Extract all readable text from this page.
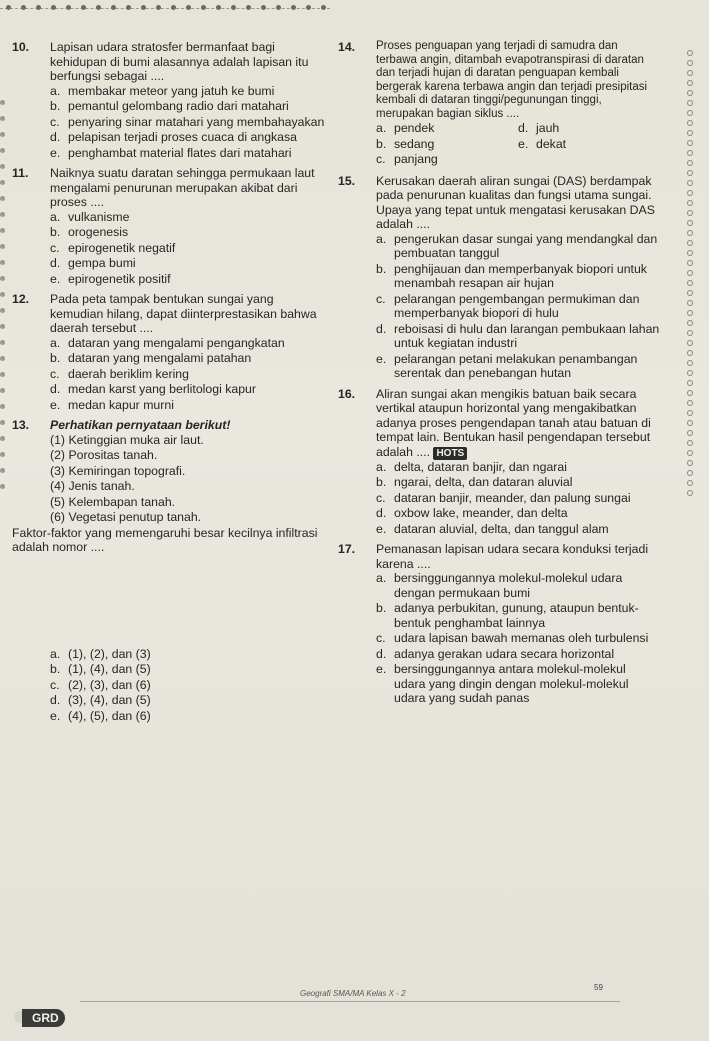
10.	Lapisan udara stratosfer bermanfaat bagi kehidupan di bumi alasannya adalah lapisan itu berfungsi sebagai ....
a. membakar meteor yang jatuh ke bumi
b. pemantul gelombang radio dari matahari
c. penyaring sinar matahari yang membahayakan
d. pelapisan terjadi proses cuaca di angkasa
e. penghambat material flates dari matahari
11.	Naiknya suatu daratan sehingga permukaan laut mengalami penurunan merupakan akibat dari proses ....
a. vulkanisme
b. orogenesis
c. epirogenetik negatif
d. gempa bumi
e. epirogenetik positif
12.	Pada peta tampak bentukan sungai yang kemudian hilang, dapat diinterprestasikan bahwa daerah tersebut ....
a. dataran yang mengalami pengangkatan
b. dataran yang mengalami patahan
c. daerah beriklim kering
d. medan karst yang berlitologi kapur
e. medan kapur murni
13.	Perhatikan pernyataan berikut!
(1) Ketinggian muka air laut.
(2) Porositas tanah.
(3) Kemiringan topografi.
(4) Jenis tanah.
(5) Kelembapan tanah.
(6) Vegetasi penutup tanah.
Faktor-faktor yang memengaruhi besar kecilnya infiltrasi adalah nomor ....
a. (1), (2), dan (3)
b. (1), (4), dan (5)
c. (2), (3), dan (6)
d. (3), (4), dan (5)
e. (4), (5), dan (6)
14.	Proses penguapan yang terjadi di samudra dan terbawa angin, ditambah evapotranspirasi di daratan dan terjadi hujan di daratan penguapan kembali bergerak karena terbawa angin dan terjadi presipitasi kembali di dataran tinggi/pegunungan tinggi, merupakan bagian siklus ....
a. pendek	d. jauh
b. sedang	e. dekat
c. panjang
15.	Kerusakan daerah aliran sungai (DAS) berdampak pada penurunan kualitas dan fungsi utama sungai. Upaya yang tepat untuk mengatasi kerusakan DAS adalah ....
a. pengerukan dasar sungai yang mendangkal dan pembuatan tanggul
b. penghijauan dan memperbanyak biopori untuk menambah resapan air hujan
c. pelarangan pengembangan permukiman dan memperbanyak biopori di hulu
d. reboisasi di hulu dan larangan pembukaan lahan untuk kegiatan industri
e. pelarangan petani melakukan penambangan serentak dan penebangan hutan
16.	Aliran sungai akan mengikis batuan baik secara vertikal ataupun horizontal yang mengakibatkan adanya proses pengendapan tanah atau batuan di tempat lain. Bentukan hasil pengendapan tersebut adalah .... HOTS
a. delta, dataran banjir, dan ngarai
b. ngarai, delta, dan dataran aluvial
c. dataran banjir, meander, dan palung sungai
d. oxbow lake, meander, dan delta
e. dataran aluvial, delta, dan tanggul alam
17.	Pemanasan lapisan udara secara konduksi terjadi karena ....
a. bersinggungannya molekul-molekul udara dengan permukaan bumi
b. adanya perbukitan, gunung, ataupun bentuk-bentuk penghambat lainnya
c. udara lapisan bawah memanas oleh turbulensi
d. adanya gerakan udara secara horizontal
e. bersinggungannya antara molekul-molekul udara yang dingin dengan molekul-molekul udara yang sudah panas
Geografi SMA/MA Kelas X - 2
59
GRD
